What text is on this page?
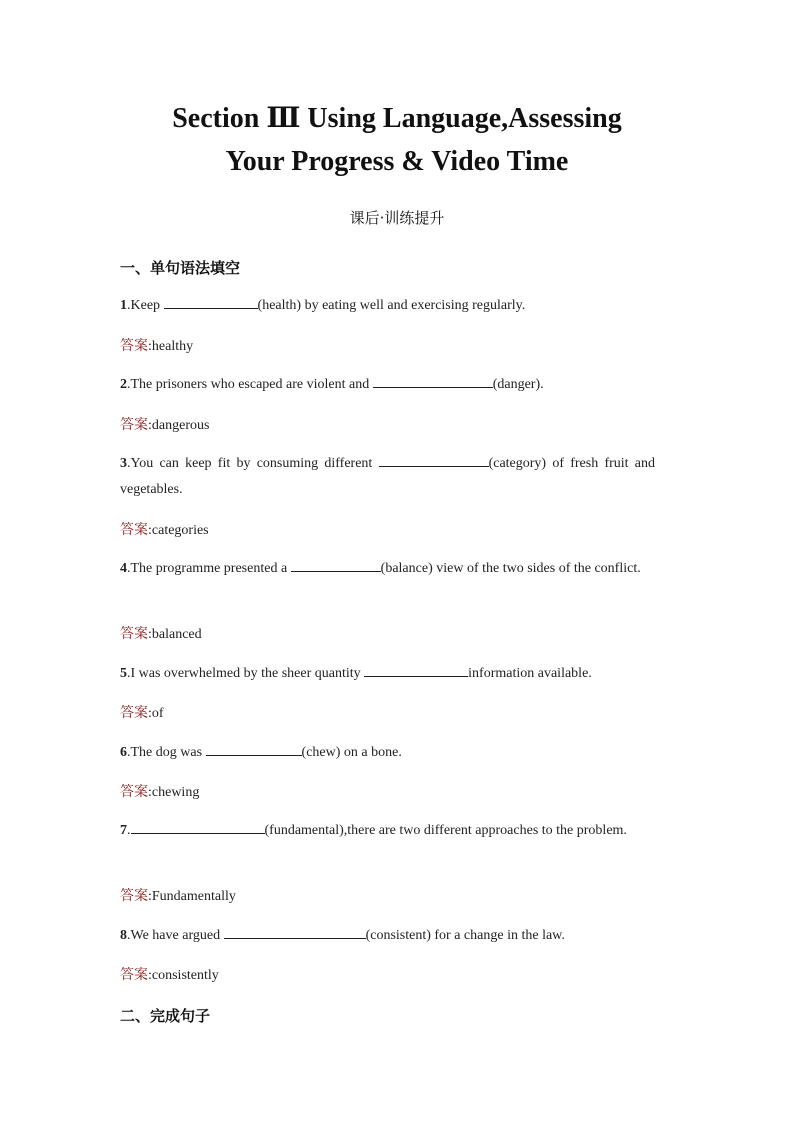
Section Ⅲ Using Language,Assessing
Your Progress & Video Time
课后·训练提升
一、单句语法填空
1.Keep	(health) by eating well and exercising regularly.
答案:healthy
2.The prisoners who escaped are violent and	(danger).
答案:dangerous
3.You can keep fit by consuming different	(category) of fresh fruit and vegetables.
答案:categories
4.The programme presented a	(balance) view of the two sides of the conflict.
答案:balanced
5.I was overwhelmed by the sheer quantity	information available.
答案:of
6.The dog was	(chew) on a bone.
答案:chewing
7.	(fundamental),there are two different approaches to the problem.
答案:Fundamentally
8.We have argued	(consistent) for a change in the law.
答案:consistently
二、完成句子
